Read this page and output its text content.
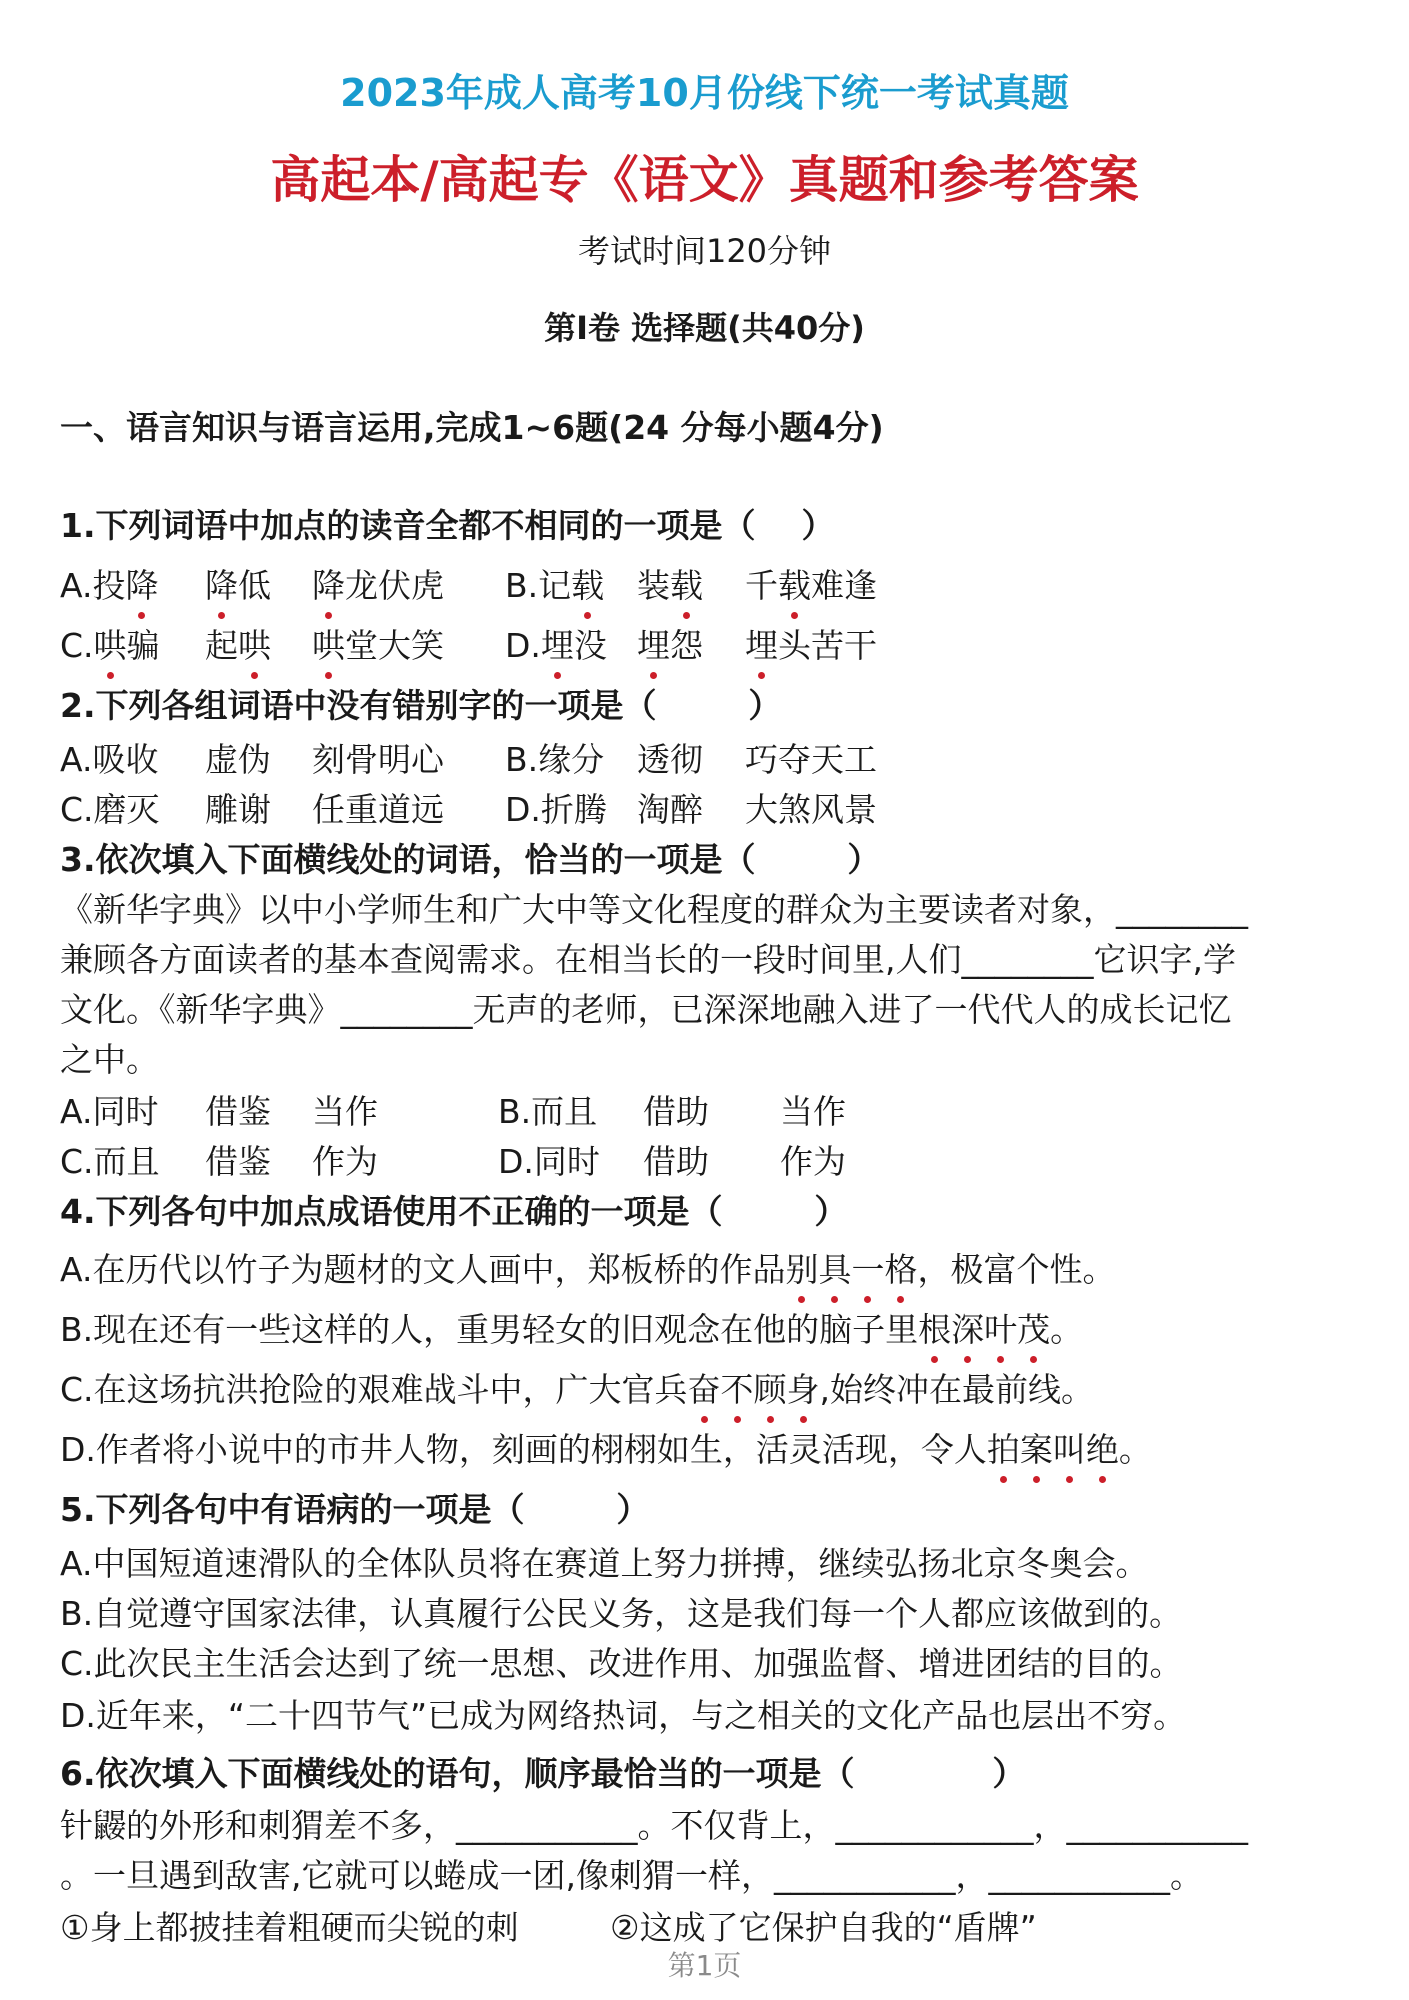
2023年成人高考10月份线下统一考试真题
高起本/高起专《语文》真题和参考答案
考试时间120分钟
第I卷 选择题(共40分)
一、语言知识与语言运用,完成1~6题(24 分每小题4分)
1.下列词语中加点的读音全都不相同的一项是（    ）
A.投降 降低 降龙伏虎 B.记载 装载 千载难逢
C.哄骗 起哄 哄堂大笑 D.埋没 埋怨 埋头苦干
2.下列各组词语中没有错别字的一项是（        ）
A.吸收 虚伪 刻骨明心 B.缘分 透彻 巧夺天工
C.磨灭 雕谢 任重道远 D.折腾 淘醉 大煞风景
3.依次填入下面横线处的词语，恰当的一项是（        ）
《新华字典》以中小学师生和广大中等文化程度的群众为主要读者对象，________
兼顾各方面读者的基本查阅需求。在相当长的一段时间里,人们________它识字,学
文化。《新华字典》________无声的老师，已深深地融入进了一代代人的成长记忆
之中。
A.同时 借鉴 当作	B.而且 借助 当作
C.而且 借鉴 作为	D.同时 借助 作为
4.下列各句中加点成语使用不正确的一项是（        ）
A.在历代以竹子为题材的文人画中，郑板桥的作品别具一格，极富个性。
B.现在还有一些这样的人，重男轻女的旧观念在他的脑子里根深叶茂。
C.在这场抗洪抢险的艰难战斗中，广大官兵奋不顾身,始终冲在最前线。
D.作者将小说中的市井人物，刻画的栩栩如生，活灵活现，令人拍案叫绝。
5.下列各句中有语病的一项是（        ）
A.中国短道速滑队的全体队员将在赛道上努力拼搏，继续弘扬北京冬奥会。
B.自觉遵守国家法律，认真履行公民义务，这是我们每一个人都应该做到的。
C.此次民主生活会达到了统一思想、改进作用、加强监督、增进团结的目的。
D.近年来，“二十四节气”已成为网络热词，与之相关的文化产品也层出不穷。
6.依次填入下面横线处的语句，顺序最恰当的一项是（            ）
针鼹的外形和刺猬差不多，___________。不仅背上，____________，___________
。一旦遇到敌害,它就可以蜷成一团,像刺猬一样，___________，___________。
①身上都披挂着粗硬而尖锐的刺	②这成了它保护自我的“盾牌”
第1页
